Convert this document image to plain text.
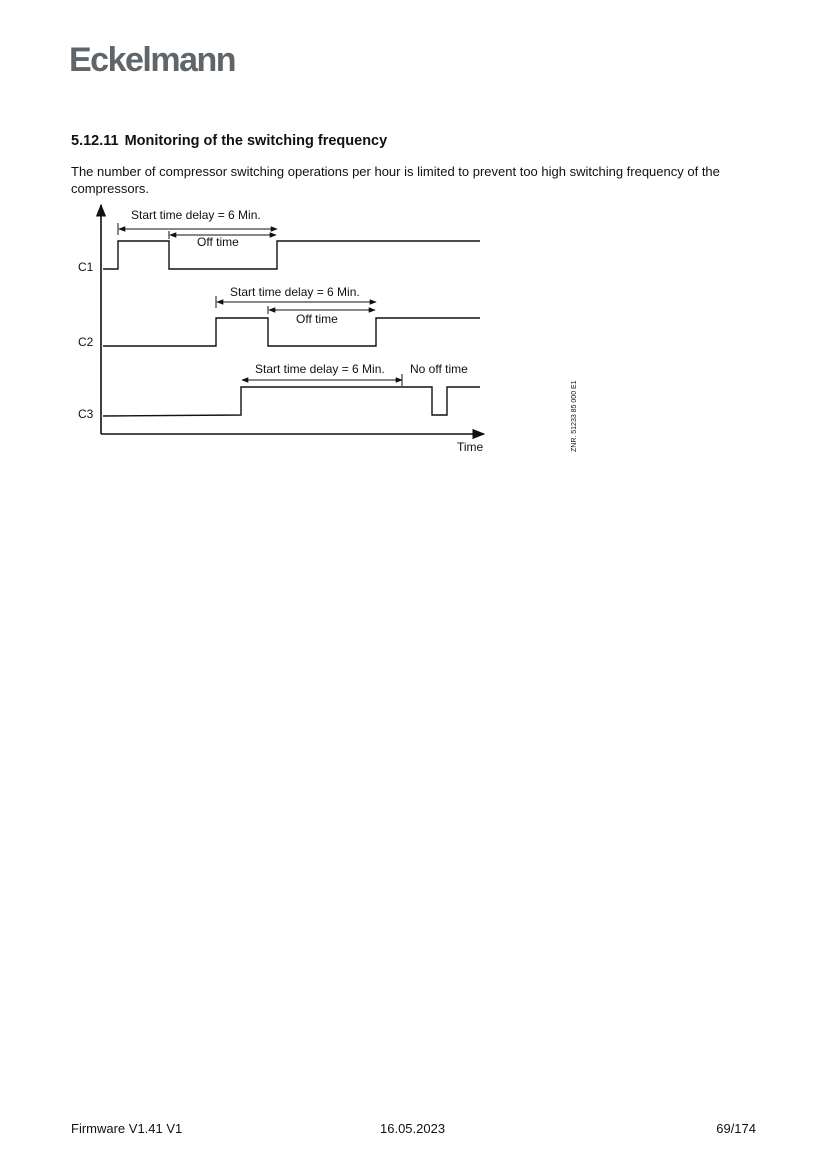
Eckelmann
5.12.11 Monitoring of the switching frequency

The number of compressor switching operations per hour is limited to prevent too high switching frequency of the compressors.

Time
C1
Start time delay = 6 Min.
Off time
C2
Start time delay = 6 Min.
Off time
C3
Start time delay = 6 Min. No off time
ZNR. 51233 85 000 E1
Firmware V1.41 V1	16.05.2023	69/174
